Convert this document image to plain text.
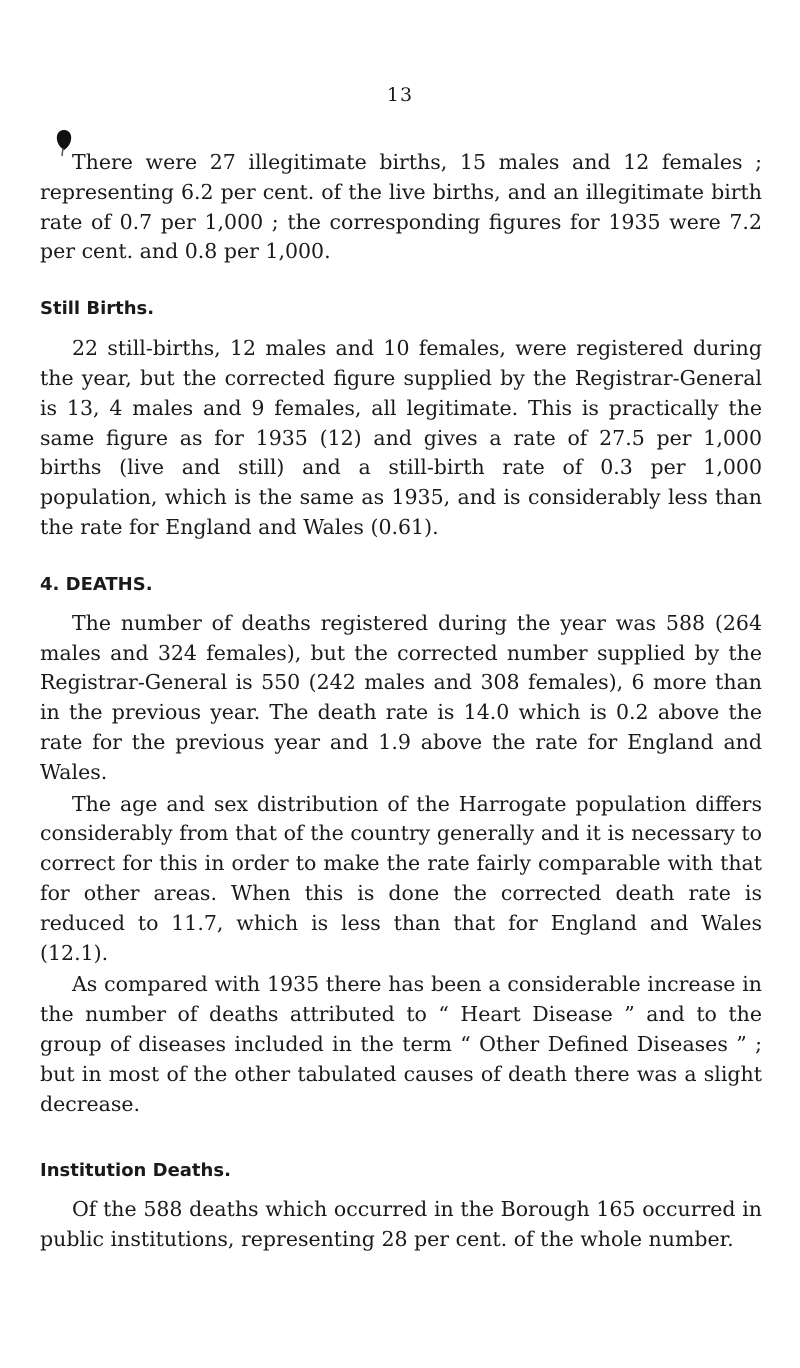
13

There were 27 illegitimate births, 15 males and 12 females ; representing 6.2 per cent. of the live births, and an illegitimate birth rate of 0.7 per 1,000 ; the corresponding figures for 1935 were 7.2 per cent. and 0.8 per 1,000.

Still Births.

22 still-births, 12 males and 10 females, were registered during the year, but the corrected figure supplied by the Registrar-General is 13, 4 males and 9 females, all legitimate. This is practically the same figure as for 1935 (12) and gives a rate of 27.5 per 1,000 births (live and still) and a still-birth rate of 0.3 per 1,000 population, which is the same as 1935, and is considerably less than the rate for England and Wales (0.61).

4. DEATHS.

The number of deaths registered during the year was 588 (264 males and 324 females), but the corrected number supplied by the Registrar-General is 550 (242 males and 308 females), 6 more than in the previous year. The death rate is 14.0 which is 0.2 above the rate for the previous year and 1.9 above the rate for England and Wales.

The age and sex distribution of the Harrogate population differs considerably from that of the country generally and it is necessary to correct for this in order to make the rate fairly comparable with that for other areas. When this is done the corrected death rate is reduced to 11.7, which is less than that for England and Wales (12.1).

As compared with 1935 there has been a considerable increase in the number of deaths attributed to “ Heart Disease ” and to the group of diseases included in the term “ Other Defined Diseases ” ; but in most of the other tabulated causes of death there was a slight decrease.

Institution Deaths.

Of the 588 deaths which occurred in the Borough 165 occurred in public institutions, representing 28 per cent. of the whole number.
